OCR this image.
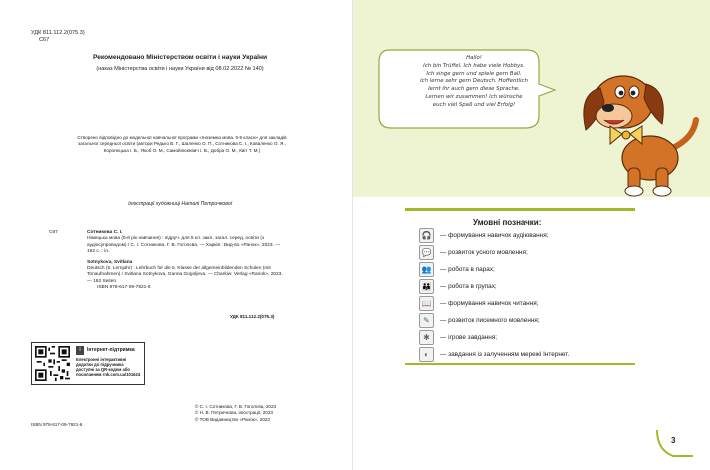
УДК 811.112.2(075.3)
С67
Рекомендовано Міністерством освіти і науки України
(наказ Міністерства освіти і науки України від 08.02.2022 № 140)
Створено відповідно до модельної навчальної програми «Іноземна мова. 5-9 класи» для закладів загальної середньої освіти (автори Редько В. Г., Шаленко О. П., Сотникова С. І., Коваленко О. Я., Коропецька І. Б., Якоб О. М., Самойлюкевич І. В., Добра О. М., Квіт Т. М.)
Ілюстрації художниці Наталі Петричкової
С67	Сотникова С. І.

Німецька мова (5-й рік навчання) : підруч. для 5 кл. закл. загал. серед. освіти (з аудіосупроводом) / С. І. Сотникова, Г. В. Гоголєва. — Харків : Вид-во «Ранок», 2023. — 192 с. : іл.

Sotnykova, Svitlana

Deutsch (5. Lernjahr) : Lehrbuch für die 5. Klasse der allgemeinbildenden Schulen (mit Tonaufnahmen) / Svitlana Sotnykova, Ganna Gogoljeva. — Charkiw: Verlag «Ranok», 2023. — 192 Seiten.

ISBN 978-617-09-7921-6

УДК 811.112.2(075.3)
i	Інтернет-підтримка
Електронні інтерактивні додатки до підручника доступні за QR-кодом або посиланням rnk.com.ua/101624
© С. І. Сотникова, Г. В. Гоголєва, 2023
© Н. В. Петричкова, ілюстрації, 2023
© ТОВ Видавництво «Ранок», 2023
ISBN 978-617-09-7921-6
Hallo!
Ich bin Trüffel. Ich habe viele Hobbys.
Ich singe gern und spiele gern Ball.
Ich lerne sehr gern Deutsch. Hoffentlich
lernt ihr auch gern diese Sprache.
Lernen wir zusammen! Ich wünsche
euch viel Spaß und viel Erfolg!
Умовні позначки:
🎧	— формування навичок аудіювання;
💬	— розвиток усного мовлення;
👥	— робота в парах;
👪	— робота в групах;
📖	— формування навичок читання;
✎	— розвиток писемного мовлення;
✱	— ігрове завдання;
◐	— завдання із залученням мережі Інтернет.
3
